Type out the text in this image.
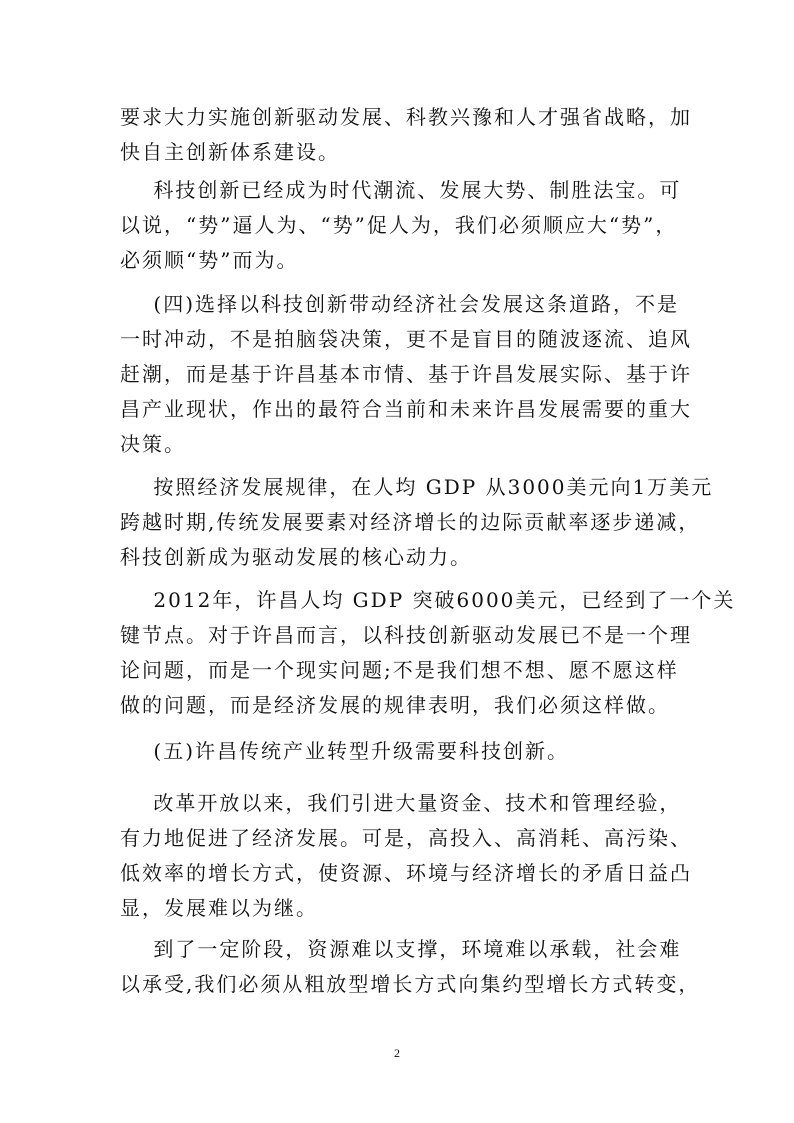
要求大力实施创新驱动发展、科教兴豫和人才强省战略，加
快自主创新体系建设。

科技创新已经成为时代潮流、发展大势、制胜法宝。可
以说，“势”逼人为、“势”促人为，我们必须顺应大“势”，
必须顺“势”而为。

(四)选择以科技创新带动经济社会发展这条道路，不是
一时冲动，不是拍脑袋决策，更不是盲目的随波逐流、追风
赶潮，而是基于许昌基本市情、基于许昌发展实际、基于许
昌产业现状，作出的最符合当前和未来许昌发展需要的重大
决策。

按照经济发展规律，在人均 GDP 从3000美元向1万美元
跨越时期,传统发展要素对经济增长的边际贡献率逐步递减，
科技创新成为驱动发展的核心动力。

2012年，许昌人均 GDP 突破6000美元，已经到了一个关
键节点。对于许昌而言，以科技创新驱动发展已不是一个理
论问题，而是一个现实问题;不是我们想不想、愿不愿这样
做的问题，而是经济发展的规律表明，我们必须这样做。

(五)许昌传统产业转型升级需要科技创新。

改革开放以来，我们引进大量资金、技术和管理经验，
有力地促进了经济发展。可是，高投入、高消耗、高污染、
低效率的增长方式，使资源、环境与经济增长的矛盾日益凸
显，发展难以为继。

到了一定阶段，资源难以支撑，环境难以承载，社会难
以承受,我们必须从粗放型增长方式向集约型增长方式转变，

2
